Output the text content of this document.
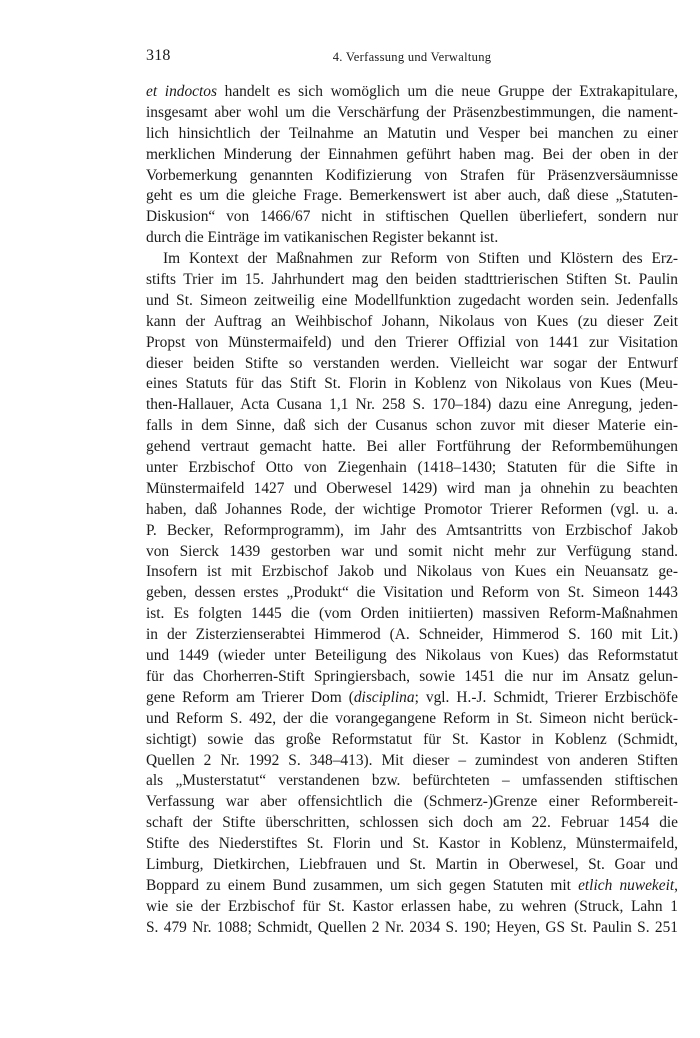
318	4. Verfassung und Verwaltung
et indoctos handelt es sich womöglich um die neue Gruppe der Extrakapitulare,
insgesamt aber wohl um die Verschärfung der Präsenzbestimmungen, die nament-
lich hinsichtlich der Teilnahme an Matutin und Vesper bei manchen zu einer
merklichen Minderung der Einnahmen geführt haben mag. Bei der oben in der
Vorbemerkung genannten Kodifizierung von Strafen für Präsenzversäumnisse
geht es um die gleiche Frage. Bemerkenswert ist aber auch, daß diese „Statuten-
Diskusion“ von 1466/67 nicht in stiftischen Quellen überliefert, sondern nur
durch die Einträge im vatikanischen Register bekannt ist.
Im Kontext der Maßnahmen zur Reform von Stiften und Klöstern des Erz-
stifts Trier im 15. Jahrhundert mag den beiden stadttrierischen Stiften St. Paulin
und St. Simeon zeitweilig eine Modellfunktion zugedacht worden sein. Jedenfalls
kann der Auftrag an Weihbischof Johann, Nikolaus von Kues (zu dieser Zeit
Propst von Münstermaifeld) und den Trierer Offizial von 1441 zur Visitation
dieser beiden Stifte so verstanden werden. Vielleicht war sogar der Entwurf
eines Statuts für das Stift St. Florin in Koblenz von Nikolaus von Kues (Meu-
then-Hallauer, Acta Cusana 1,1 Nr. 258 S. 170–184) dazu eine Anregung, jeden-
falls in dem Sinne, daß sich der Cusanus schon zuvor mit dieser Materie ein-
gehend vertraut gemacht hatte. Bei aller Fortführung der Reformbemühungen
unter Erzbischof Otto von Ziegenhain (1418–1430; Statuten für die Sifte in
Münstermaifeld 1427 und Oberwesel 1429) wird man ja ohnehin zu beachten
haben, daß Johannes Rode, der wichtige Promotor Trierer Reformen (vgl. u. a.
P. Becker, Reformprogramm), im Jahr des Amtsantritts von Erzbischof Jakob
von Sierck 1439 gestorben war und somit nicht mehr zur Verfügung stand.
Insofern ist mit Erzbischof Jakob und Nikolaus von Kues ein Neuansatz ge-
geben, dessen erstes „Produkt“ die Visitation und Reform von St. Simeon 1443
ist. Es folgten 1445 die (vom Orden initiierten) massiven Reform-Maßnahmen
in der Zisterzienserabtei Himmerod (A. Schneider, Himmerod S. 160 mit Lit.)
und 1449 (wieder unter Beteiligung des Nikolaus von Kues) das Reformstatut
für das Chorherren-Stift Springiersbach, sowie 1451 die nur im Ansatz gelun-
gene Reform am Trierer Dom (disciplina; vgl. H.-J. Schmidt, Trierer Erzbischöfe
und Reform S. 492, der die vorangegangene Reform in St. Simeon nicht berück-
sichtigt) sowie das große Reformstatut für St. Kastor in Koblenz (Schmidt,
Quellen 2 Nr. 1992 S. 348–413). Mit dieser – zumindest von anderen Stiften
als „Musterstatut“ verstandenen bzw. befürchteten – umfassenden stiftischen
Verfassung war aber offensichtlich die (Schmerz-)Grenze einer Reformbereit-
schaft der Stifte überschritten, schlossen sich doch am 22. Februar 1454 die
Stifte des Niederstiftes St. Florin und St. Kastor in Koblenz, Münstermaifeld,
Limburg, Dietkirchen, Liebfrauen und St. Martin in Oberwesel, St. Goar und
Boppard zu einem Bund zusammen, um sich gegen Statuten mit etlich nuwekeit,
wie sie der Erzbischof für St. Kastor erlassen habe, zu wehren (Struck, Lahn 1
S. 479 Nr. 1088; Schmidt, Quellen 2 Nr. 2034 S. 190; Heyen, GS St. Paulin S. 251
